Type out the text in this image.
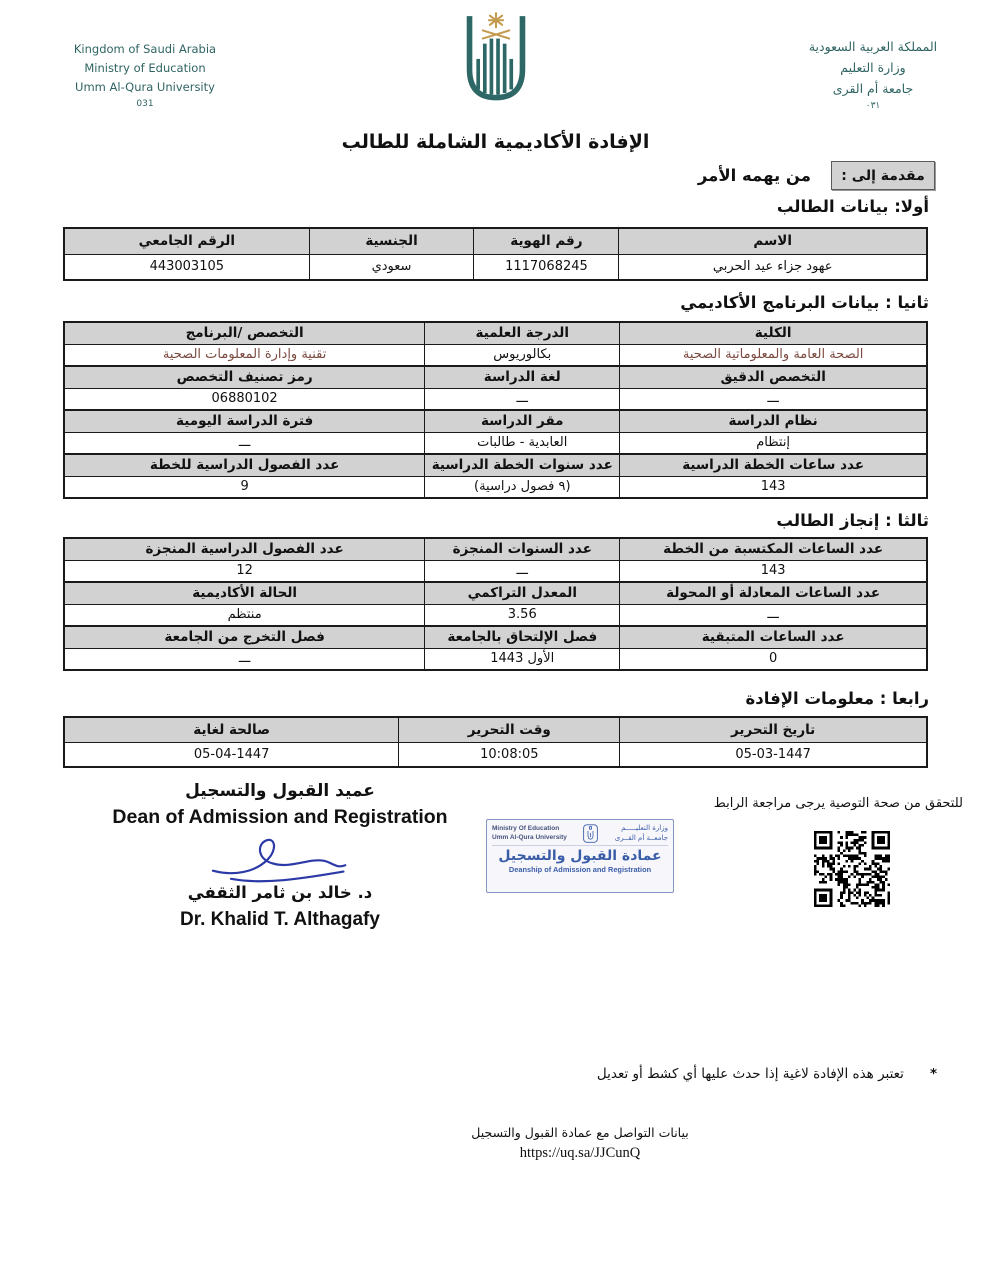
Kingdom of Saudi Arabia
Ministry of Education
Umm Al-Qura University
031
المملكة العربية السعودية
وزارة التعليم
جامعة أم القرى
٠٣١
الإفادة الأكاديمية الشاملة للطالب
مقدمة إلى :
من يهمه الأمر
أولا: بيانات الطالب
الاسم	رقم الهوية	الجنسية	الرقم الجامعي
عهود جزاء عيد الحربي	1117068245	سعودي	443003105
ثانيا : بيانات البرنامج الأكاديمي
الكلية	الدرجة العلمية	التخصص /البرنامج
الصحة العامة والمعلوماتية الصحية	بكالوريوس	تقنية وإدارة المعلومات الصحية
التخصص الدقيق	لغة الدراسة	رمز تصنيف التخصص
ـــ	ـــ	06880102
نظام الدراسة	مقر الدراسة	فترة الدراسة اليومية
إنتظام	العابدية - طالبات	ـــ
عدد ساعات الخطة الدراسية	عدد سنوات الخطة الدراسية	عدد الفصول الدراسية للخطة
143	(٩ فصول دراسية)	9
ثالثا : إنجاز الطالب
عدد الساعات المكتسبة من الخطة	عدد السنوات المنجزة	عدد الفصول الدراسية المنجزة
143	ـــ	12
عدد الساعات المعادلة أو المحولة	المعدل التراكمي	الحالة الأكاديمية
ـــ	3.56	منتظم
عدد الساعات المتبقية	فصل الإلتحاق بالجامعة	فصل التخرج من الجامعة
0	الأول 1443	ـــ
رابعا : معلومات الإفادة
تاريخ التحرير	وقت التحرير	صالحة لغاية
05-03-1447	10:08:05	05-04-1447
عميد القبول والتسجيل
Dean of Admission and Registration
د. خالد بن ثامر الثقفي
Dr. Khalid T. Althagafy
Ministry Of Education
Umm Al-Qura University
وزارة التعليـــــم
جامعــة أم القــرى
عمادة القبول والتسجيل
Deanship of Admission and Registration
للتحقق من صحة التوصية يرجى مراجعة الرابط
*
تعتبر هذه الإفادة لاغية إذا حدث عليها أي كشط أو تعديل
بيانات التواصل مع عمادة القبول والتسجيل
https://uq.sa/JJCunQ
